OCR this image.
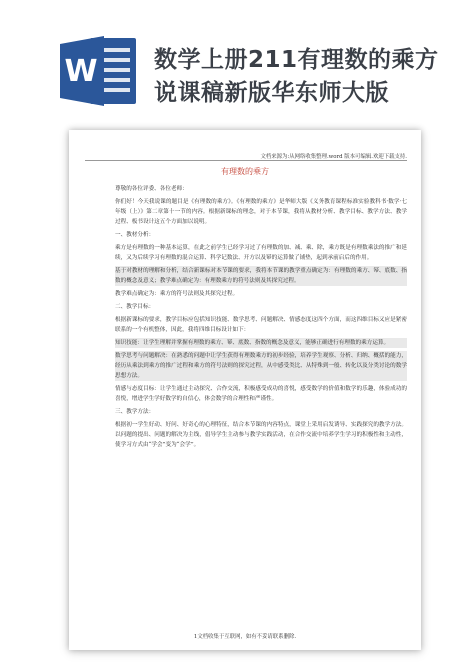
W 数学上册211有理数的乘方
说课稿新版华东师大版
文档来源为:从网络收集整理.word 版本可编辑.欢迎下载支持.
有理数的乘方

尊敬的各位评委、各位老师：

你们好！今天我说课的题目是《有理数的乘方》。《有理数的乘方》是华师大版《义务教育课程标准实验教科书·数学·七年级（上）》第二章第十一节的内容。根据新课标的理念，对于本节课，我将从教材分析、教学目标、教学方法、教学过程、板书设计这五个方面加以说明。

一、教材分析：

乘方是有理数的一种基本运算，在此之前学生已经学习过了有理数的加、减、乘、除，乘方既是有理数乘法的推广和延续，又为后续学习有理数的混合运算、科学记数法、开方以及幂的运算做了铺垫，起到承前启后的作用。

基于对教材的理解和分析，结合新课标对本节课的要求，我将本节课的教学重点确定为：有理数的乘方、幂、底数、指数的概念及意义；教学难点确定为：有理数乘方的符号法则及其探究过程。

教学难点确定为：乘方的符号法则及其探究过程。

二、教学目标：

根据新课标的要求，教学目标应包括知识技能、数学思考、问题解决、情感态度这四个方面，而这四维目标又应是紧密联系的一个有机整体，因此，我将四维目标设计如下：

知识技能：让学生理解并掌握有理数的乘方、幂、底数、指数的概念及意义，能够正确进行有理数的乘方运算。

数学思考与问题解决：在熟悉的问题中让学生获得有理数乘方的初步经验，培养学生观察、分析、归纳、概括的能力，经历从乘法到乘方的推广过程和乘方的符号法则的探究过程，从中感受类比、从特殊到一般、转化以及分类讨论的数学思想方法。

情感与态度目标：让学生通过主动探究、合作交流，积极感受成功的喜悦，感受数学的价值和数学的乐趣，体验成功的喜悦，增进学生学好数学的自信心，体会数学的合理性和严谨性。

三、教学方法：

根据初一学生好动、好问、好奇心的心理特征，结合本节课的内容特点，课堂上采用启发诱导、实践探究的教学方法。以问题的提出、问题的解决为主线，倡导学生主动参与教学实践活动，在合作交流中培养学生学习的积极性和主动性，使学习方式由“学会”变为“会学”。

1文档收集于互联网，如有不妥请联系删除.
